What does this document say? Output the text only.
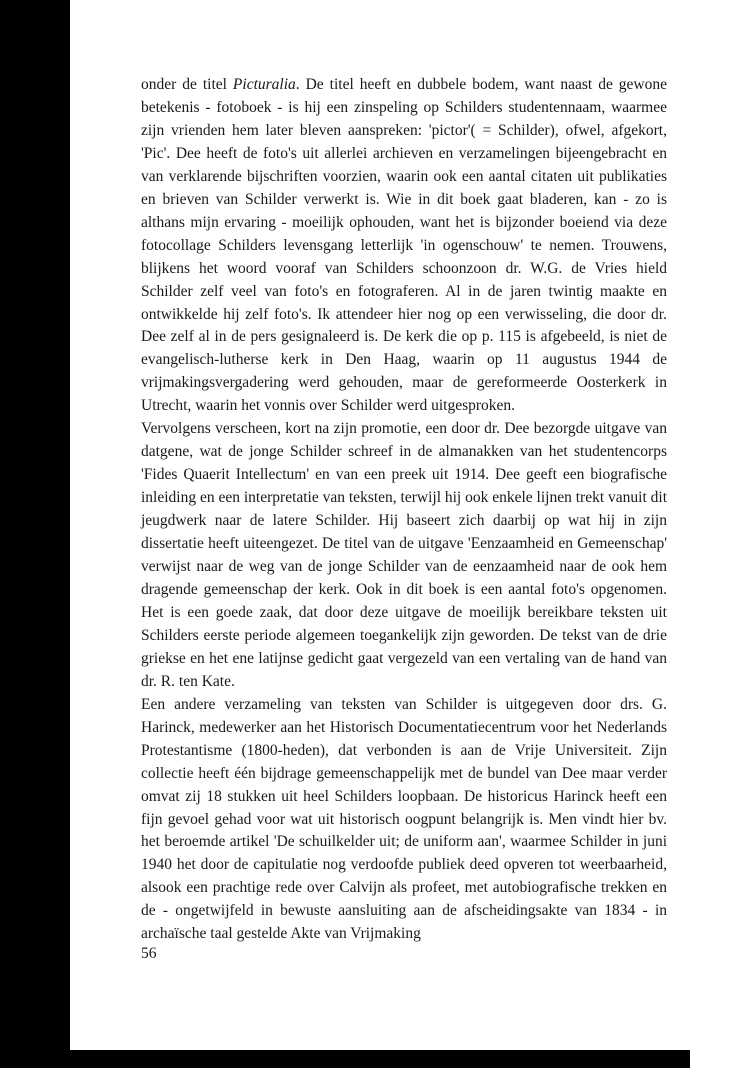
onder de titel Picturalia. De titel heeft en dubbele bodem, want naast de gewone betekenis - fotoboek - is hij een zinspeling op Schilders studentennaam, waarmee zijn vrienden hem later bleven aanspreken: 'pictor'( = Schilder), ofwel, afgekort, 'Pic'. Dee heeft de foto's uit allerlei archieven en verzamelingen bijeengebracht en van verklarende bijschriften voorzien, waarin ook een aantal citaten uit publikaties en brieven van Schilder verwerkt is. Wie in dit boek gaat bladeren, kan - zo is althans mijn ervaring - moeilijk ophouden, want het is bijzonder boeiend via deze fotocollage Schilders levensgang letterlijk 'in ogenschouw' te nemen. Trouwens, blijkens het woord vooraf van Schilders schoonzoon dr. W.G. de Vries hield Schilder zelf veel van foto's en fotograferen. Al in de jaren twintig maakte en ontwikkelde hij zelf foto's. Ik attendeer hier nog op een verwisseling, die door dr. Dee zelf al in de pers gesignaleerd is. De kerk die op p. 115 is afgebeeld, is niet de evangelisch-lutherse kerk in Den Haag, waarin op 11 augustus 1944 de vrijmakingsvergadering werd gehouden, maar de gereformeerde Oosterkerk in Utrecht, waarin het vonnis over Schilder werd uitgesproken.

Vervolgens verscheen, kort na zijn promotie, een door dr. Dee bezorgde uitgave van datgene, wat de jonge Schilder schreef in de almanakken van het studentencorps 'Fides Quaerit Intellectum' en van een preek uit 1914. Dee geeft een biografische inleiding en een interpretatie van teksten, terwijl hij ook enkele lijnen trekt vanuit dit jeugdwerk naar de latere Schilder. Hij baseert zich daarbij op wat hij in zijn dissertatie heeft uiteengezet. De titel van de uitgave 'Eenzaamheid en Gemeenschap' verwijst naar de weg van de jonge Schilder van de eenzaamheid naar de ook hem dragende gemeenschap der kerk. Ook in dit boek is een aantal foto's opgenomen. Het is een goede zaak, dat door deze uitgave de moeilijk bereikbare teksten uit Schilders eerste periode algemeen toegankelijk zijn geworden. De tekst van de drie griekse en het ene latijnse gedicht gaat vergezeld van een vertaling van de hand van dr. R. ten Kate.

Een andere verzameling van teksten van Schilder is uitgegeven door drs. G. Harinck, medewerker aan het Historisch Documentatiecentrum voor het Nederlands Protestantisme (1800-heden), dat verbonden is aan de Vrije Universiteit. Zijn collectie heeft één bijdrage gemeenschappelijk met de bundel van Dee maar verder omvat zij 18 stukken uit heel Schilders loopbaan. De historicus Harinck heeft een fijn gevoel gehad voor wat uit historisch oogpunt belangrijk is. Men vindt hier bv. het beroemde artikel 'De schuilkelder uit; de uniform aan', waarmee Schilder in juni 1940 het door de capitulatie nog verdoofde publiek deed opveren tot weerbaarheid, alsook een prachtige rede over Calvijn als profeet, met autobiografische trekken en de - ongetwijfeld in bewuste aansluiting aan de afscheidingsakte van 1834 - in archaïsche taal gestelde Akte van Vrijmaking

56
